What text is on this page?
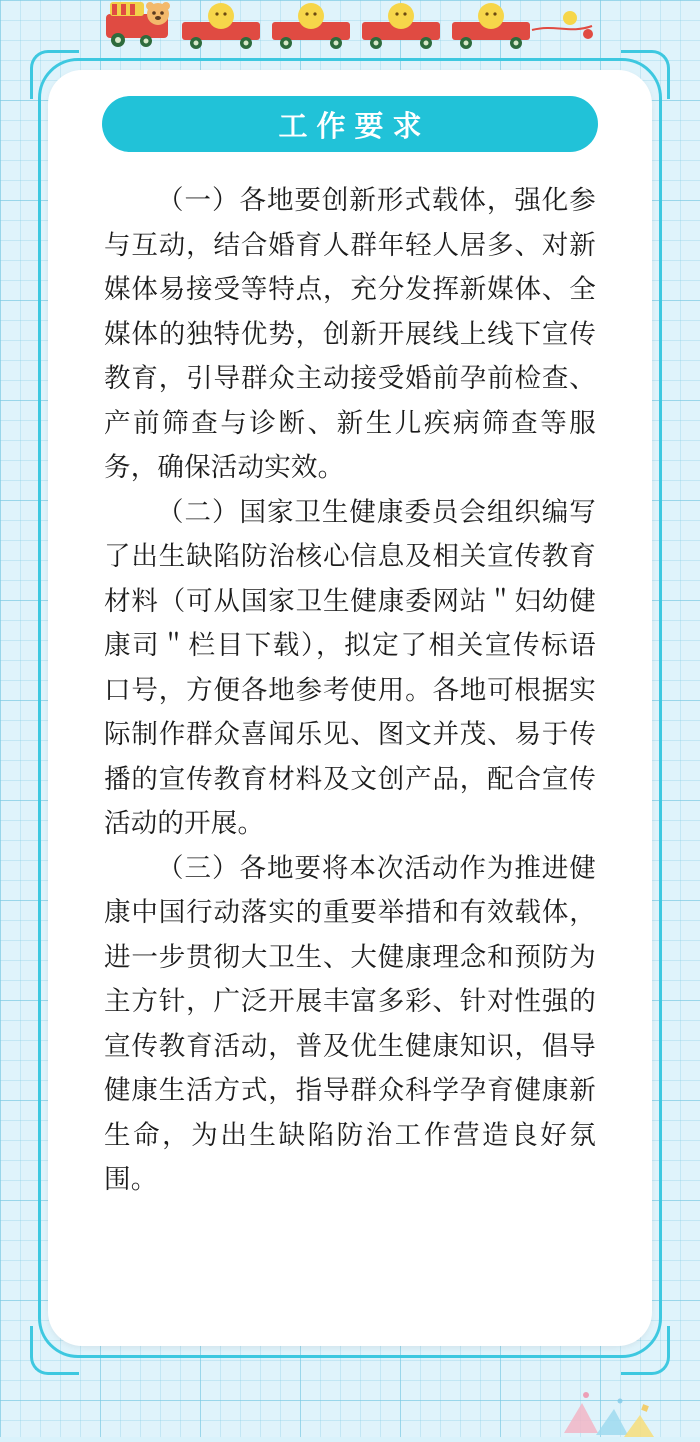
工作要求

（一）各地要创新形式载体，强化参与互动，结合婚育人群年轻人居多、对新媒体易接受等特点，充分发挥新媒体、全媒体的独特优势，创新开展线上线下宣传教育，引导群众主动接受婚前孕前检查、产前筛查与诊断、新生儿疾病筛查等服务，确保活动实效。

（二）国家卫生健康委员会组织编写了出生缺陷防治核心信息及相关宣传教育材料（可从国家卫生健康委网站＂妇幼健康司＂栏目下载），拟定了相关宣传标语口号，方便各地参考使用。各地可根据实际制作群众喜闻乐见、图文并茂、易于传播的宣传教育材料及文创产品，配合宣传活动的开展。

（三）各地要将本次活动作为推进健康中国行动落实的重要举措和有效载体，进一步贯彻大卫生、大健康理念和预防为主方针，广泛开展丰富多彩、针对性强的宣传教育活动，普及优生健康知识，倡导健康生活方式，指导群众科学孕育健康新生命，为出生缺陷防治工作营造良好氛围。
